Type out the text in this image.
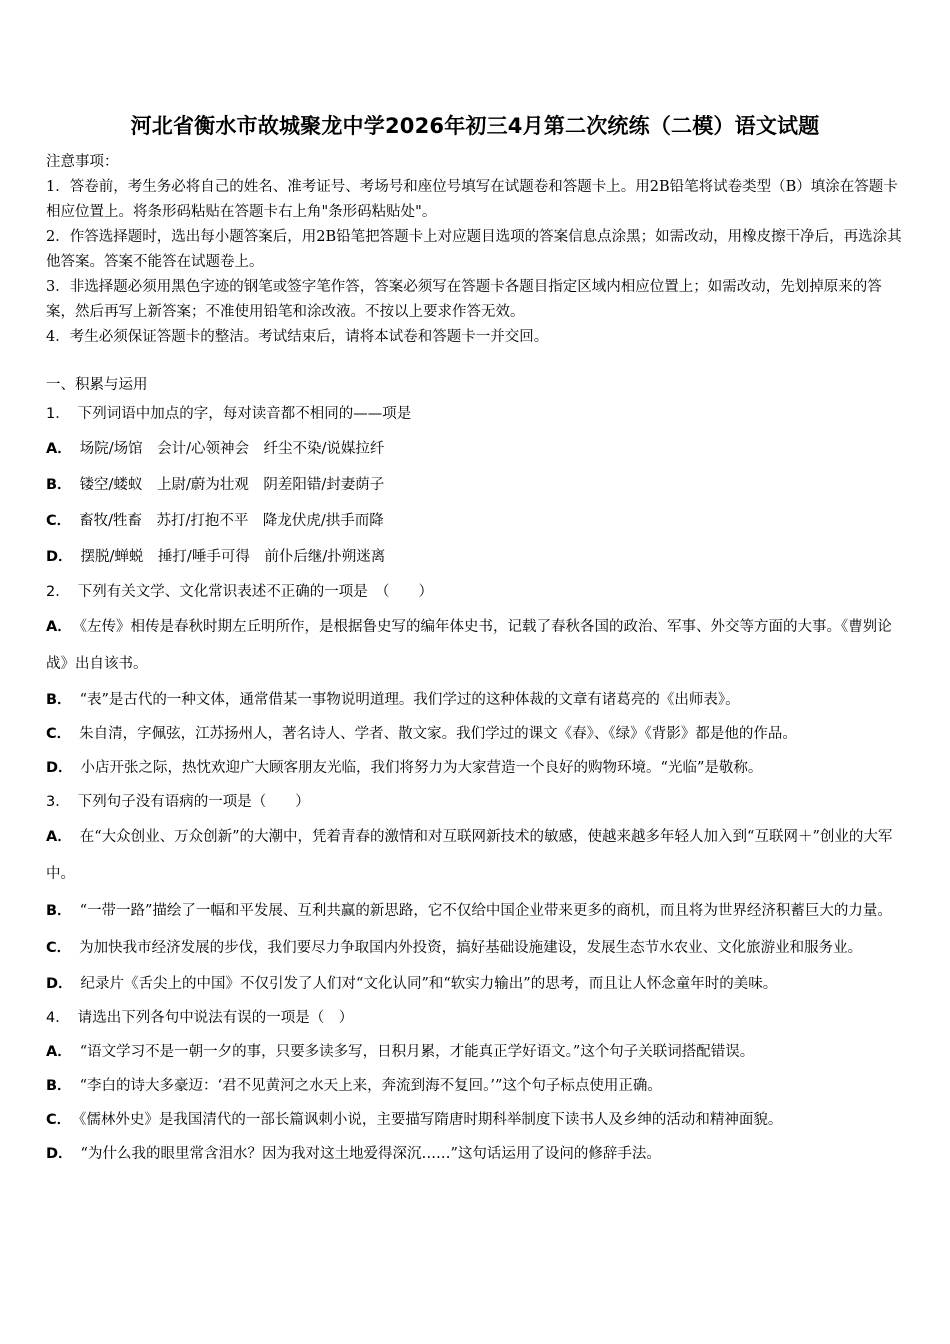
河北省衡水市故城聚龙中学2026年初三4月第二次统练（二模）语文试题

注意事项：

1．答卷前，考生务必将自己的姓名、准考证号、考场号和座位号填写在试题卷和答题卡上。用2B铅笔将试卷类型（B）填涂在答题卡相应位置上。将条形码粘贴在答题卡右上角"条形码粘贴处"。

2．作答选择题时，选出每小题答案后，用2B铅笔把答题卡上对应题目选项的答案信息点涂黑；如需改动，用橡皮擦干净后，再选涂其他答案。答案不能答在试题卷上。

3．非选择题必须用黑色字迹的钢笔或签字笔作答，答案必须写在答题卡各题目指定区域内相应位置上；如需改动，先划掉原来的答案，然后再写上新答案；不准使用铅笔和涂改液。不按以上要求作答无效。

4．考生必须保证答题卡的整洁。考试结束后，请将本试卷和答题卡一并交回。

一、积累与运用

1． 下列词语中加点的字，每对读音都不相同的——项是

A． 场院/场馆　会计/心领神会　纤尘不染/说媒拉纤

B． 镂空/蝼蚁　上尉/蔚为壮观　阴差阳错/封妻荫子

C． 畜牧/牲畜　苏打/打抱不平　降龙伏虎/拱手而降

D． 摆脱/蝉蜕　捶打/唾手可得　前仆后继/扑朔迷离

2． 下列有关文学、文化常识表述不正确的一项是　（　　）

A． 《左传》相传是春秋时期左丘明所作，是根据鲁史写的编年体史书，记载了春秋各国的政治、军事、外交等方面的大事。《曹刿论战》出自该书。

B． “表”是古代的一种文体，通常借某一事物说明道理。我们学过的这种体裁的文章有诸葛亮的《出师表》。

C． 朱自清，字佩弦，江苏扬州人，著名诗人、学者、散文家。我们学过的课文《春》、《绿》《背影》都是他的作品。

D． 小店开张之际，热忱欢迎广大顾客朋友光临，我们将努力为大家营造一个良好的购物环境。“光临”是敬称。

3． 下列句子没有语病的一项是（　　）

A． 在“大众创业、万众创新”的大潮中，凭着青春的激情和对互联网新技术的敏感，使越来越多年轻人加入到“互联网＋”创业的大军中。

B． “一带一路”描绘了一幅和平发展、互利共赢的新思路，它不仅给中国企业带来更多的商机，而且将为世界经济积蓄巨大的力量。

C． 为加快我市经济发展的步伐，我们要尽力争取国内外投资，搞好基础设施建设，发展生态节水农业、文化旅游业和服务业。

D． 纪录片《舌尖上的中国》不仅引发了人们对“文化认同”和“软实力输出”的思考，而且让人怀念童年时的美味。

4． 请选出下列各句中说法有误的一项是（　）

A． “语文学习不是一朝一夕的事，只要多读多写，日积月累，才能真正学好语文。”这个句子关联词搭配错误。

B． “李白的诗大多豪迈：‘君不见黄河之水天上来，奔流到海不复回。’”这个句子标点使用正确。

C． 《儒林外史》是我国清代的一部长篇讽刺小说，主要描写隋唐时期科举制度下读书人及乡绅的活动和精神面貌。

D． “为什么我的眼里常含泪水？因为我对这土地爱得深沉……”这句话运用了设问的修辞手法。
